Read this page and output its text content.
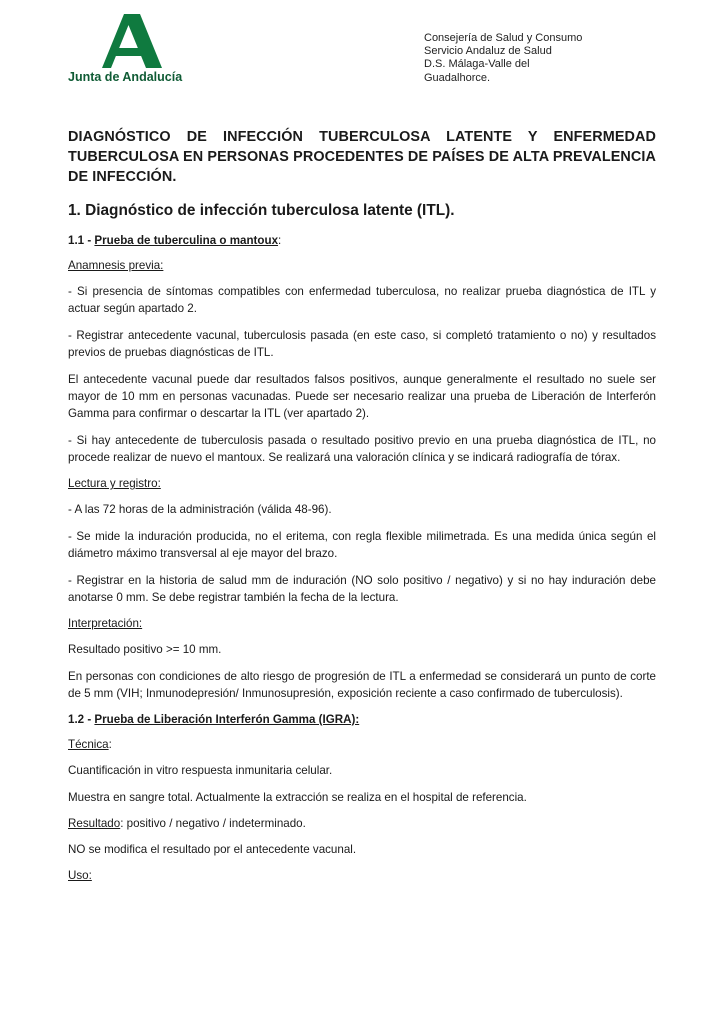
Junta de Andalucía
Consejería de Salud y Consumo
Servicio Andaluz de Salud
D.S. Málaga-Valle del
Guadalhorce.
DIAGNÓSTICO DE INFECCIÓN TUBERCULOSA LATENTE Y ENFERMEDAD TUBERCULOSA EN PERSONAS PROCEDENTES DE PAÍSES DE ALTA PREVALENCIA DE INFECCIÓN.
1. Diagnóstico de infección tuberculosa latente (ITL).
1.1 - Prueba de tuberculina o mantoux:
Anamnesis previa:

- Si presencia de síntomas compatibles con enfermedad tuberculosa, no realizar prueba diagnóstica de ITL y actuar según apartado 2.

- Registrar antecedente vacunal, tuberculosis pasada (en este caso, si completó tratamiento o no) y resultados previos de pruebas diagnósticas de ITL.

El antecedente vacunal puede dar resultados falsos positivos, aunque generalmente el resultado no suele ser mayor de 10 mm en personas vacunadas. Puede ser necesario realizar una prueba de Liberación de Interferón Gamma para confirmar o descartar la ITL (ver apartado 2).

- Si hay antecedente de tuberculosis pasada o resultado positivo previo en una prueba diagnóstica de ITL, no procede realizar de nuevo el mantoux. Se realizará una valoración clínica y se indicará radiografía de tórax.

Lectura y registro:

- A las 72 horas de la administración (válida 48-96).

- Se mide la induración producida, no el eritema, con regla flexible milimetrada. Es una medida única según el diámetro máximo transversal al eje mayor del brazo.

- Registrar en la historia de salud mm de induración (NO solo positivo / negativo) y si no hay induración debe anotarse 0 mm. Se debe registrar también la fecha de la lectura.

Interpretación:

Resultado positivo >= 10 mm.

En personas con condiciones de alto riesgo de progresión de ITL a enfermedad se considerará un punto de corte de 5 mm (VIH; Inmunodepresión/ Inmunosupresión, exposición reciente a caso confirmado de tuberculosis).

1.2 - Prueba de Liberación Interferón Gamma (IGRA):
Técnica:

Cuantificación in vitro respuesta inmunitaria celular.

Muestra en sangre total. Actualmente la extracción se realiza en el hospital de referencia.

Resultado: positivo / negativo / indeterminado.

NO se modifica el resultado por el antecedente vacunal.

Uso:
